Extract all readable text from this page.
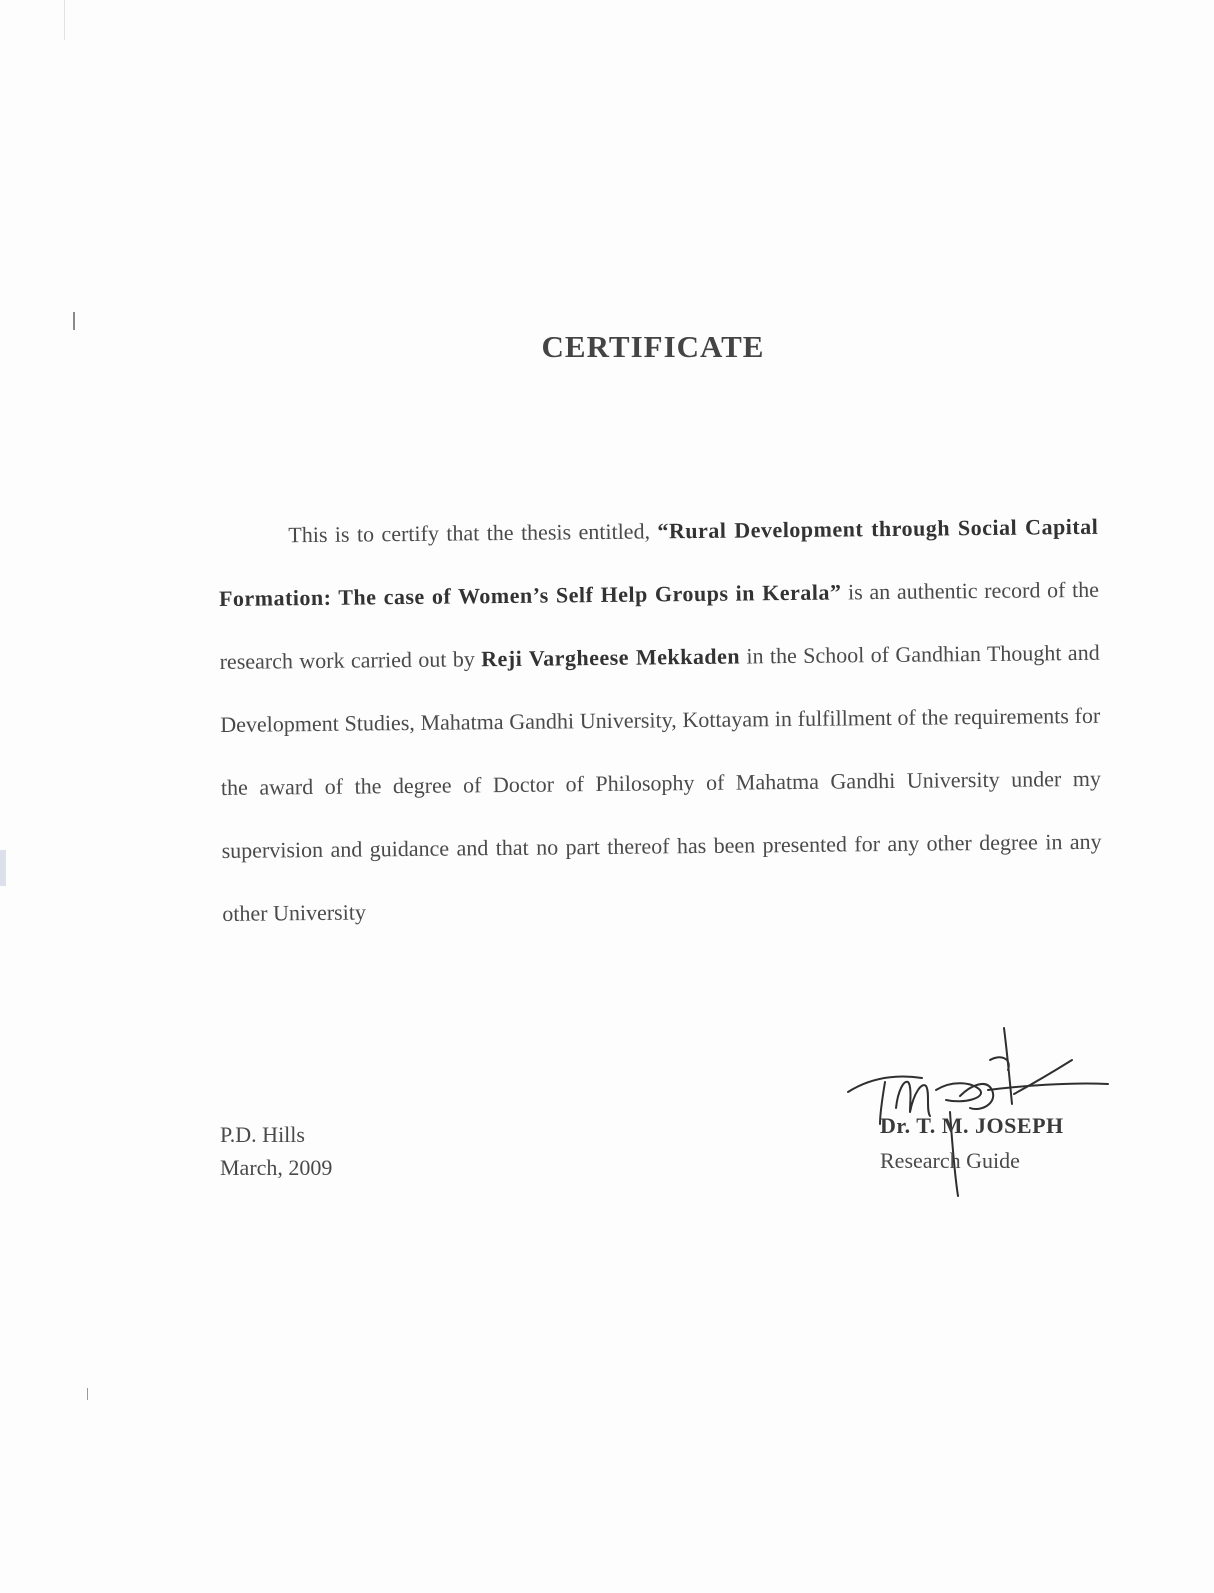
CERTIFICATE
This is to certify that the thesis entitled, “Rural Development through Social Capital Formation: The case of Women’s Self Help Groups in Kerala” is an authentic record of the research work carried out by Reji Vargheese Mekkaden in the School of Gandhian Thought and Development Studies, Mahatma Gandhi University, Kottayam in fulfillment of the requirements for the award of the degree of Doctor of Philosophy of Mahatma Gandhi University under my supervision and guidance and that no part thereof has been presented for any other degree in any other University
P.D. Hills
March, 2009
Dr. T. M. JOSEPH
Research Guide
